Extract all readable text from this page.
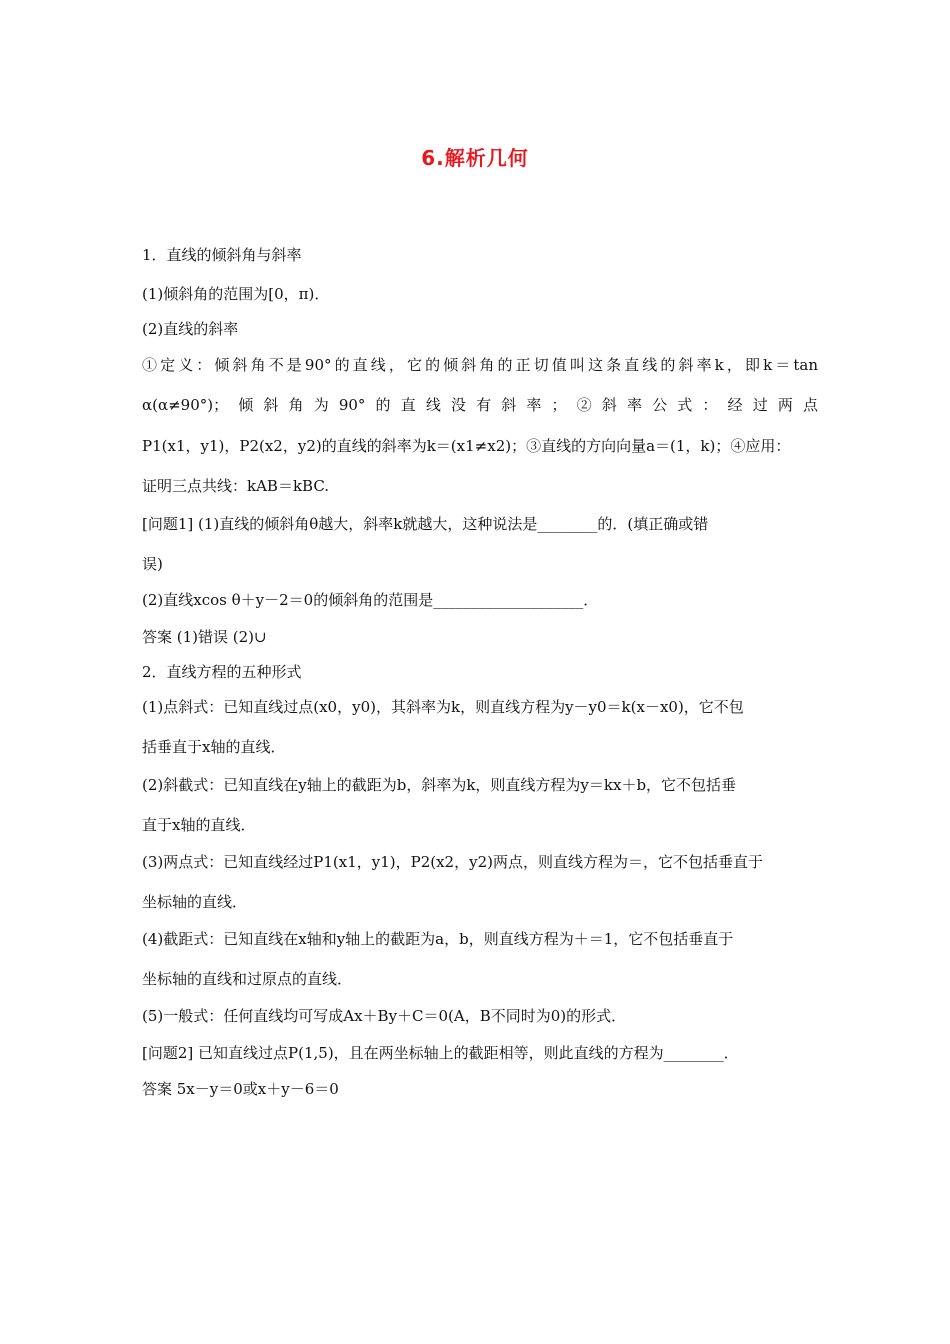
6.解析几何
1．直线的倾斜角与斜率
(1)倾斜角的范围为[0，π)．
(2)直线的斜率
①定义：倾斜角不是90°的直线，它的倾斜角的正切值叫这条直线的斜率k，即k＝tan
α(α≠90°)；倾斜角为90°的直线没有斜率；②斜率公式：经过两点
P1(x1，y1)，P2(x2，y2)的直线的斜率为k＝(x1≠x2)；③直线的方向向量a＝(1，k)；④应用：
证明三点共线：kAB＝kBC.
[问题1] (1)直线的倾斜角θ越大，斜率k就越大，这种说法是________的．(填正确或错
误)
(2)直线xcos θ＋y－2＝0的倾斜角的范围是____________________．
答案 (1)错误 (2)∪
2．直线方程的五种形式
(1)点斜式：已知直线过点(x0，y0)，其斜率为k，则直线方程为y－y0＝k(x－x0)，它不包
括垂直于x轴的直线．
(2)斜截式：已知直线在y轴上的截距为b，斜率为k，则直线方程为y＝kx＋b，它不包括垂
直于x轴的直线．
(3)两点式：已知直线经过P1(x1，y1)，P2(x2，y2)两点，则直线方程为＝，它不包括垂直于
坐标轴的直线．
(4)截距式：已知直线在x轴和y轴上的截距为a，b，则直线方程为＋＝1，它不包括垂直于
坐标轴的直线和过原点的直线．
(5)一般式：任何直线均可写成Ax＋By＋C＝0(A，B不同时为0)的形式．
[问题2] 已知直线过点P(1,5)，且在两坐标轴上的截距相等，则此直线的方程为________．
答案 5x－y＝0或x＋y－6＝0
